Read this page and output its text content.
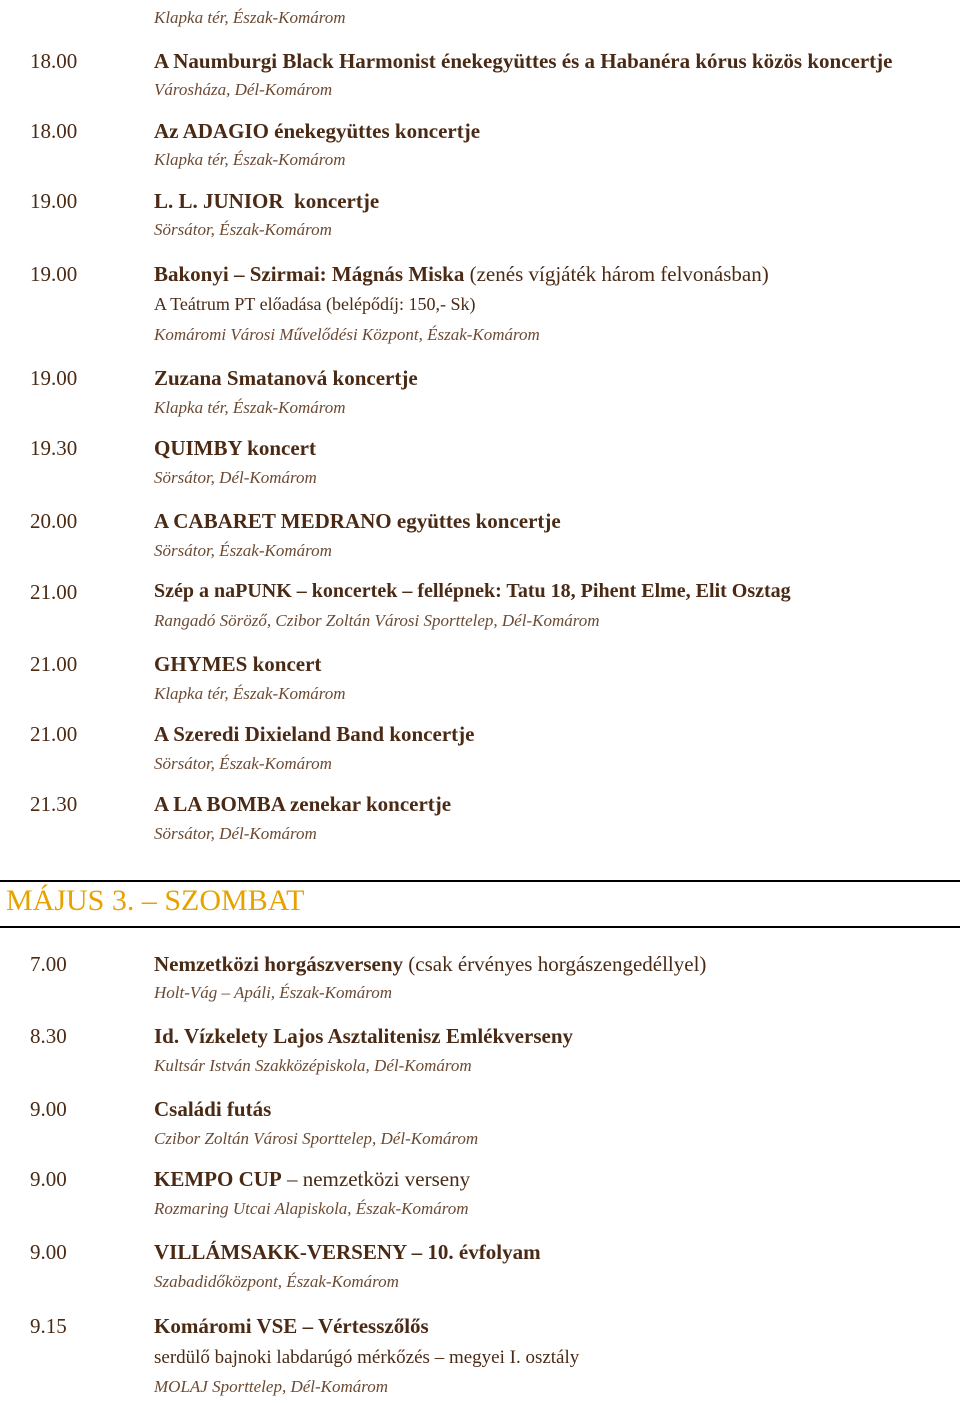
Klapka tér, Észak-Komárom
18.00	A Naumburgi Black Harmonist énekegyüttes és a Habanéra kórus közös koncertje
Városháza, Dél-Komárom
18.00	Az ADAGIO énekegyüttes koncertje
Klapka tér, Észak-Komárom
19.00	L. L. JUNIOR  koncertje
Sörsátor, Észak-Komárom
19.00	Bakonyi – Szirmai: Mágnás Miska (zenés vígjáték három felvonásban)
A Teátrum PT előadása (belépődíj: 150,- Sk)
Komáromi Városi Művelődési Központ, Észak-Komárom
19.00	Zuzana Smatanová koncertje
Klapka tér, Észak-Komárom
19.30	QUIMBY koncert
Sörsátor, Dél-Komárom
20.00	A CABARET MEDRANO együttes koncertje
Sörsátor, Észak-Komárom
21.00	Szép a naPUNK – koncertek – fellépnek: Tatu 18, Pihent Elme, Elit Osztag
Rangadó Söröző, Czibor Zoltán Városi Sporttelep, Dél-Komárom
21.00	GHYMES koncert
Klapka tér, Észak-Komárom
21.00	A Szeredi Dixieland Band koncertje
Sörsátor, Észak-Komárom
21.30	A LA BOMBA zenekar koncertje
Sörsátor, Dél-Komárom
MÁJUS 3. – SZOMBAT
7.00	Nemzetközi horgászverseny (csak érvényes horgászengedéllyel)
Holt-Vág – Apáli, Észak-Komárom
8.30	Id. Vízkelety Lajos Asztalitenisz Emlékverseny
Kultsár István Szakközépiskola, Dél-Komárom
9.00	Családi futás
Czibor Zoltán Városi Sporttelep, Dél-Komárom
9.00	KEMPO CUP – nemzetközi verseny
Rozmaring Utcai Alapiskola, Észak-Komárom
9.00	VILLÁMSAKK-VERSENY – 10. évfolyam
Szabadidőközpont, Észak-Komárom
9.15	Komáromi VSE – Vértesszőlős
serdülő bajnoki labdarúgó mérkőzés – megyei I. osztály
MOLAJ Sporttelep, Dél-Komárom
